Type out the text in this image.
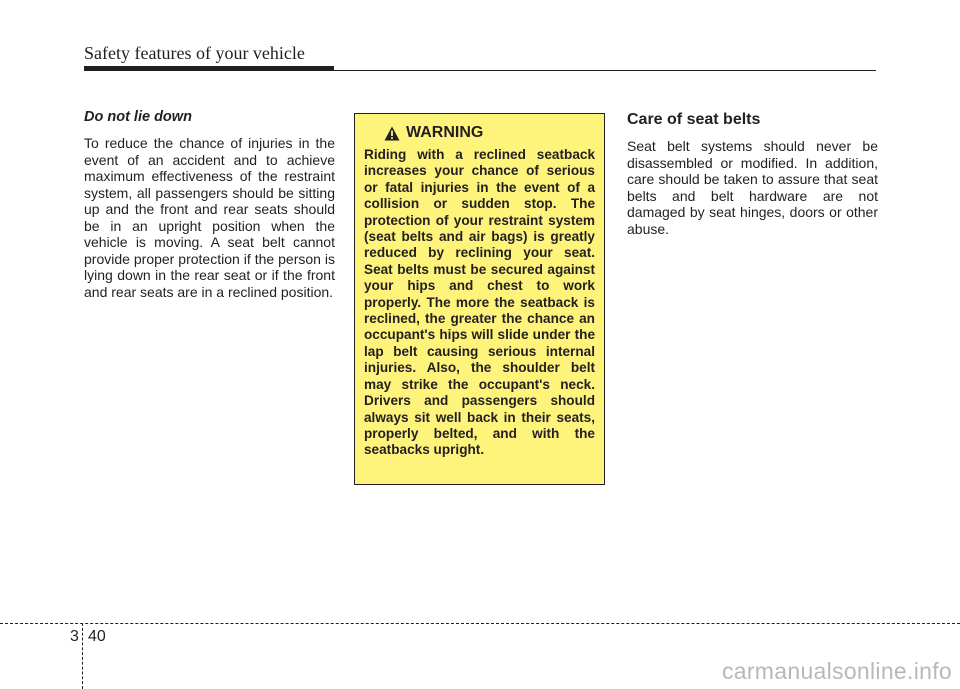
Safety features of your vehicle

Do not lie down

To reduce the chance of injuries in the event of an accident and to achieve maximum effectiveness of the restraint system, all passengers should be sitting up and the front and rear seats should be in an upright position when the vehicle is moving. A seat belt cannot provide proper protection if the person is lying down in the rear seat or if the front and rear seats are in a reclined position.

WARNING

Riding with a reclined seatback increases your chance of serious or fatal injuries in the event of a collision or sudden stop. The protection of your restraint system (seat belts and air bags) is greatly reduced by reclining your seat. Seat belts must be secured against your hips and chest to work properly. The more the seatback is reclined, the greater the chance an occupant's hips will slide under the lap belt causing serious internal injuries. Also, the shoulder belt may strike the occupant's neck. Drivers and passengers should always sit well back in their seats, properly belted, and with the seatbacks upright.

Care of seat belts

Seat belt systems should never be disassembled or modified. In addition, care should be taken to assure that seat belts and belt hardware are not damaged by seat hinges, doors or other abuse.

3 40
carmanualsonline.info
